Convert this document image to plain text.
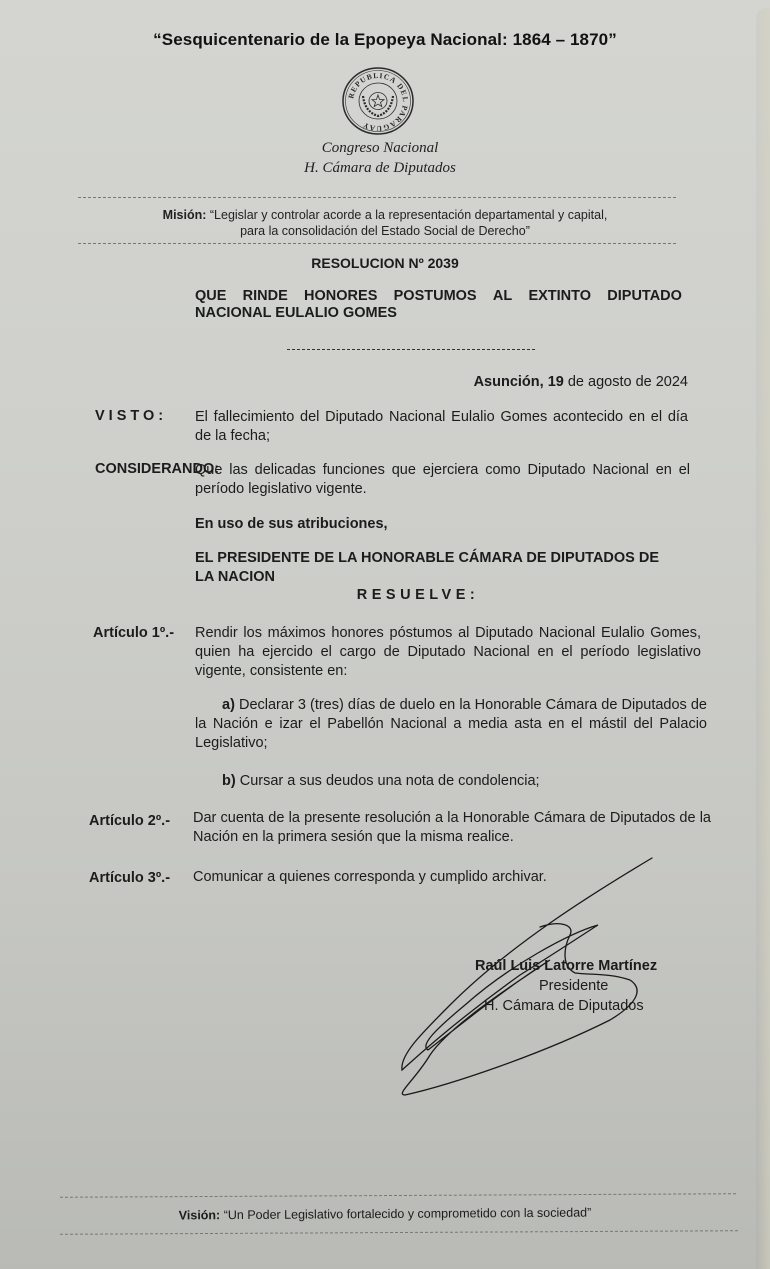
“Sesquicentenario de la Epopeya Nacional: 1864 – 1870”
REPUBLICA DEL PARAGUAY
Congreso Nacional
H. Cámara de Diputados
Misión: “Legislar y controlar acorde a la representación departamental y capital,
para la consolidación del Estado Social de Derecho”
RESOLUCION Nº 2039
QUE RINDE HONORES POSTUMOS AL EXTINTO DIPUTADO
NACIONAL EULALIO GOMES
Asunción, 19 de agosto de 2024
VISTO: El fallecimiento del Diputado Nacional Eulalio Gomes acontecido en el día de la fecha;
CONSIDERANDO:
Que las delicadas funciones que ejerciera como Diputado Nacional en el período legislativo vigente.
En uso de sus atribuciones,
EL PRESIDENTE DE LA HONORABLE CÁMARA DE DIPUTADOS DE
LA NACION
RESUELVE:
Artículo 1º.- Rendir los máximos honores póstumos al Diputado Nacional Eulalio Gomes, quien ha ejercido el cargo de Diputado Nacional en el período legislativo vigente, consistente en:
a) Declarar 3 (tres) días de duelo en la Honorable Cámara de Diputados de la Nación e izar el Pabellón Nacional a media asta en el mástil del Palacio Legislativo;
b) Cursar a sus deudos una nota de condolencia;
Artículo 2º.- Dar cuenta de la presente resolución a la Honorable Cámara de Diputados de la Nación en la primera sesión que la misma realice.
Artículo 3º.- Comunicar a quienes corresponda y cumplido archivar.
Raúl Luis Latorre Martínez
Presidente
H. Cámara de Diputados
Visión: “Un Poder Legislativo fortalecido y comprometido con la sociedad”
